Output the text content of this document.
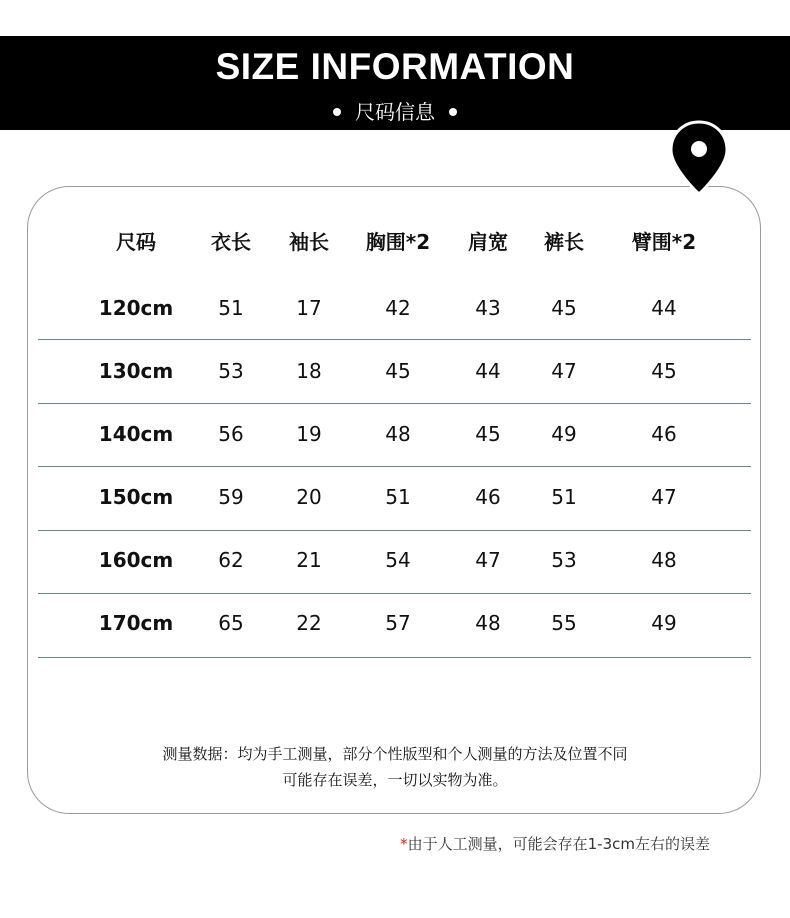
SIZE INFORMATION
尺码信息
尺码	衣长 袖长 胸围*2 肩宽 裤长 臂围*2
120cm 51	17	42	43	45	44
130cm 53	18	45	44	47	45
140cm 56	19	48	45	49	46
150cm 59	20	51	46	51	47
160cm 62	21	54	47	53	48
170cm 65	22	57	48	55	49
测量数据：均为手工测量，部分个性版型和个人测量的方法及位置不同
可能存在误差，一切以实物为准。
*由于人工测量，可能会存在1-3cm左右的误差
